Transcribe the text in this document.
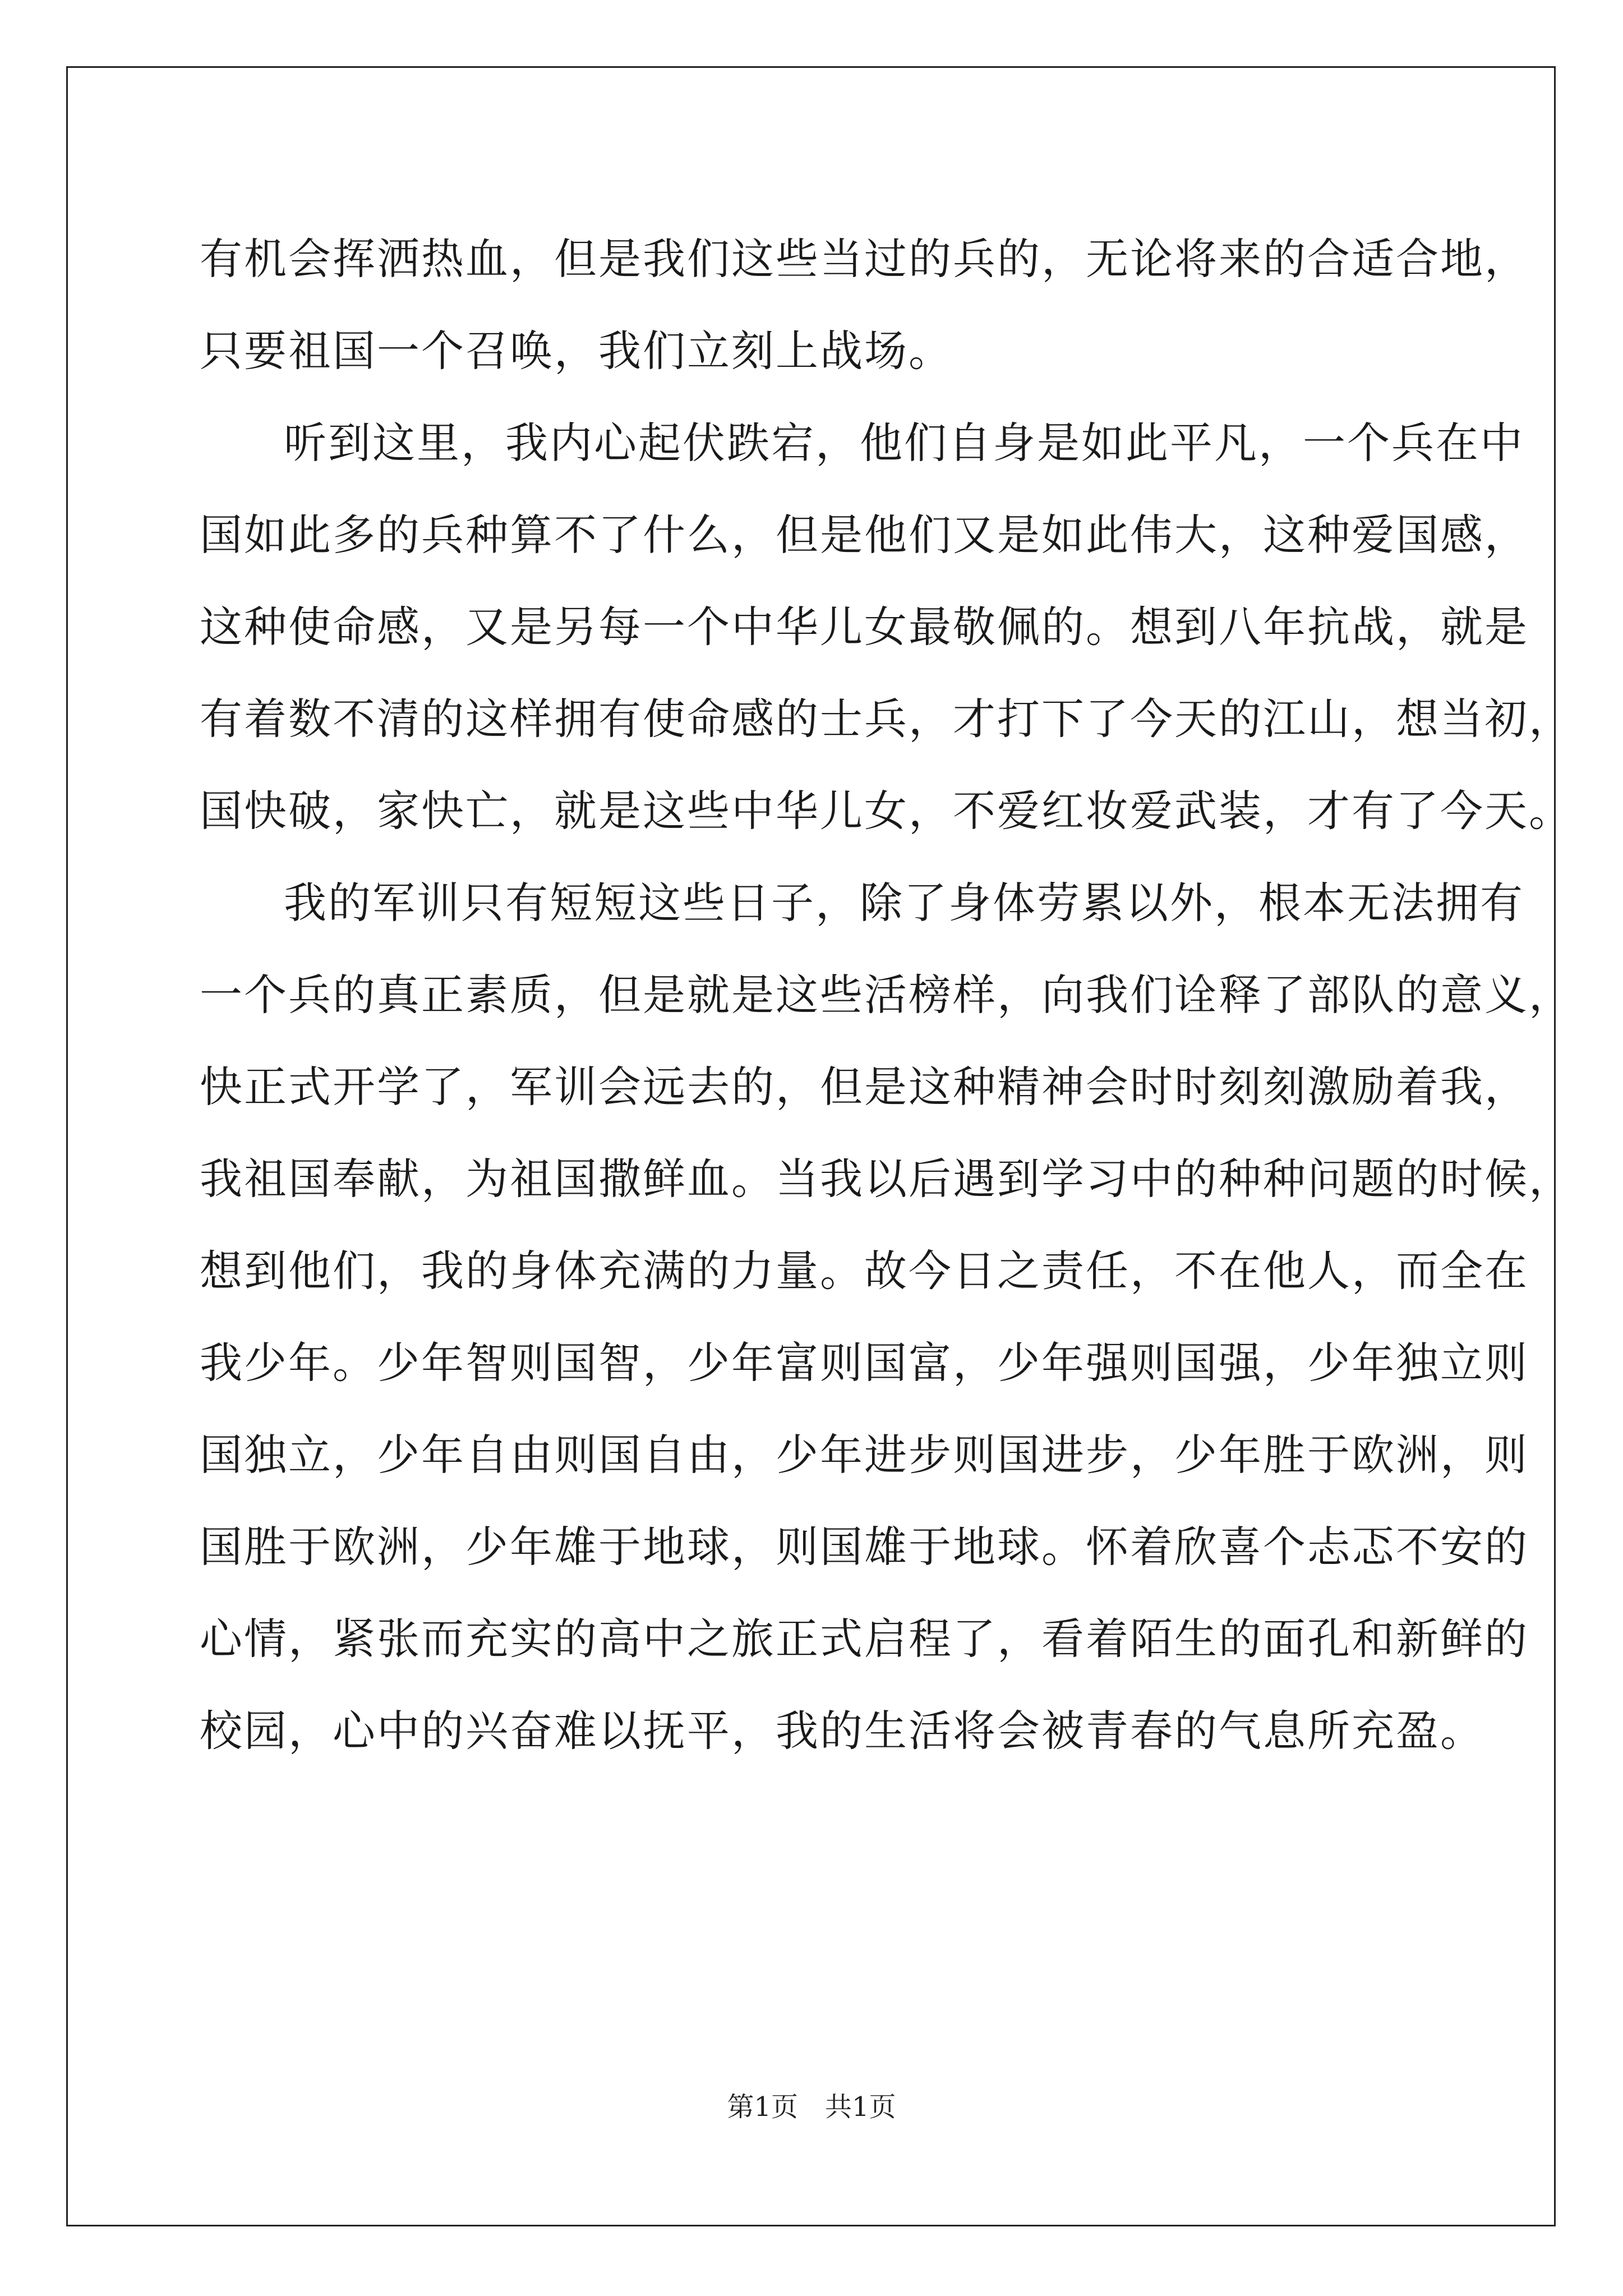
有机会挥洒热血，但是我们这些当过的兵的，无论将来的合适合地，
只要祖国一个召唤，我们立刻上战场。
听到这里，我内心起伏跌宕，他们自身是如此平凡，一个兵在中
国如此多的兵种算不了什么，但是他们又是如此伟大，这种爱国感，
这种使命感，又是另每一个中华儿女最敬佩的。想到八年抗战，就是
有着数不清的这样拥有使命感的士兵，才打下了今天的江山，想当初，
国快破，家快亡，就是这些中华儿女，不爱红妆爱武装，才有了今天。
我的军训只有短短这些日子，除了身体劳累以外，根本无法拥有
一个兵的真正素质，但是就是这些活榜样，向我们诠释了部队的意义，
快正式开学了，军训会远去的，但是这种精神会时时刻刻激励着我，
我祖国奉献，为祖国撒鲜血。当我以后遇到学习中的种种问题的时候，
想到他们，我的身体充满的力量。故今日之责任，不在他人，而全在
我少年。少年智则国智，少年富则国富，少年强则国强，少年独立则
国独立，少年自由则国自由，少年进步则国进步，少年胜于欧洲，则
国胜于欧洲，少年雄于地球，则国雄于地球。怀着欣喜个忐忑不安的
心情，紧张而充实的高中之旅正式启程了，看着陌生的面孔和新鲜的
校园，心中的兴奋难以抚平，我的生活将会被青春的气息所充盈。
第1页　共1页
